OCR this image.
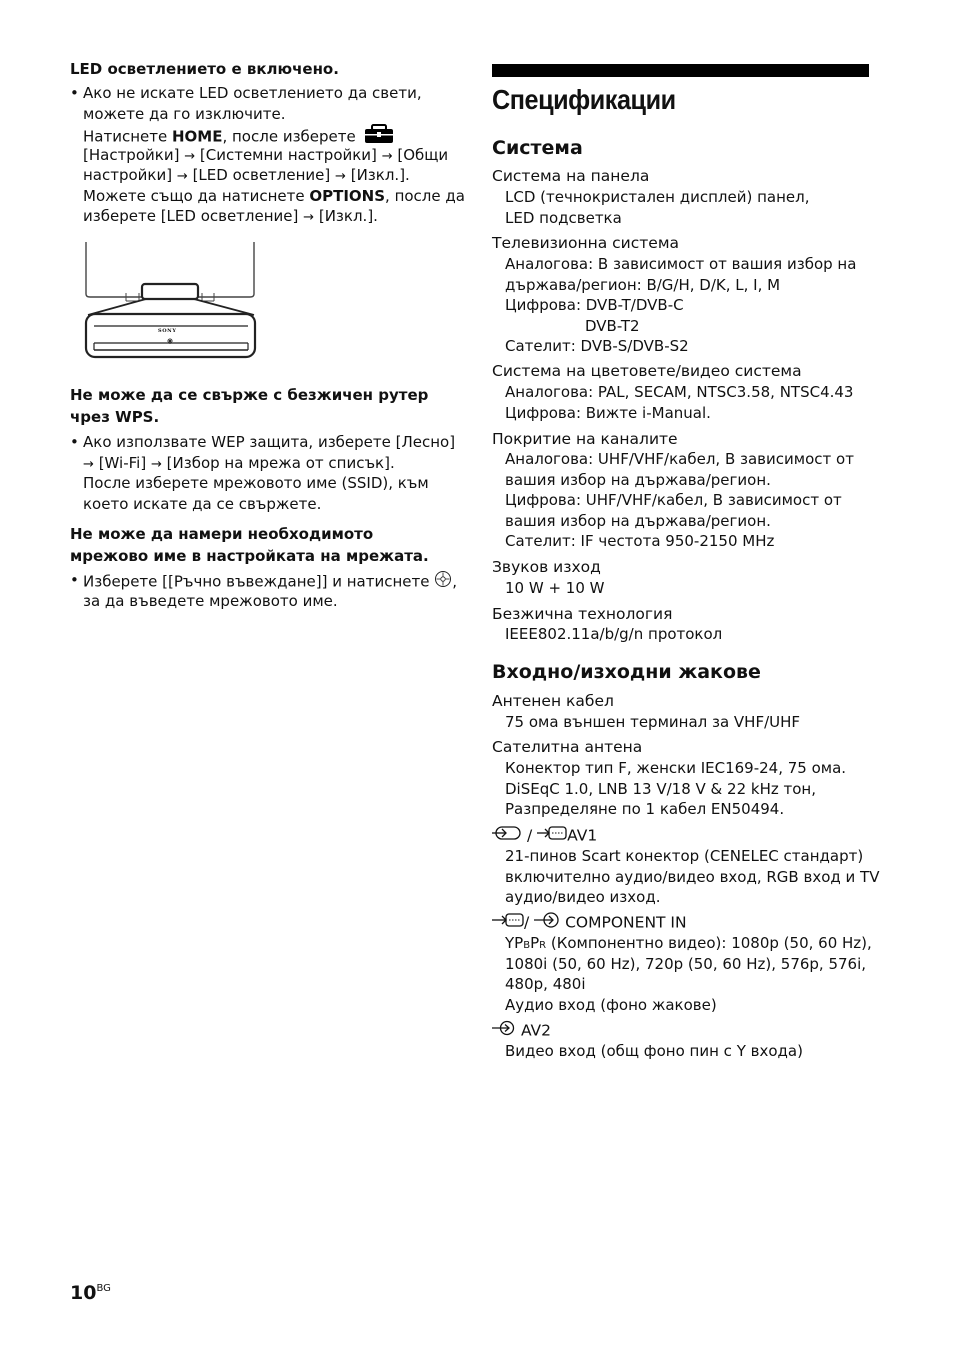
LED осветлението е включено.
• Ако не искате LED осветлението да свети,
можете да го изключите.
Натиснете HOME, после изберете
[Настройки] → [Системни настройки] → [Общи
настройки] → [LED осветление] → [Изкл.].
Можете също да натиснете OPTIONS, после да
изберете [LED осветление] → [Изкл.].
SONY
Не може да се свърже с безжичен рутер
чрез WPS.
• Ако използвате WEP защита, изберете [Лесно]
→ [Wi-Fi] → [Избор на мрежа от списък].
После изберете мрежовото име (SSID), към
което искате да се свържете.
Не може да намери необходимото
мрежово име в настройката на мрежата.
• Изберете [[Ръчно въвеждане]] и натиснете ,
за да въведете мрежовото име.
Спецификации
Система
Система на панела
LCD (течнокристален дисплей) панел,
LED подсветка
Телевизионна система
Аналогова: В зависимост от вашия избор на
държава/регион: B/G/H, D/K, L, I, M
Цифрова: DVB-T/DVB-C
DVB-T2
Сателит: DVB-S/DVB-S2
Система на цветовете/видео система
Аналогова: PAL, SECAM, NTSC3.58, NTSC4.43
Цифрова: Вижте i-Manual.
Покритие на каналите
Аналогова: UHF/VHF/кабел, В зависимост от
вашия избор на държава/регион.
Цифрова: UHF/VHF/кабел, В зависимост от
вашия избор на държава/регион.
Сателит: IF честота 950-2150 MHz
Звуков изход
10 W + 10 W
Безжична технология
IEEE802.11a/b/g/n протокол
Входно/изходни жакове
Антенен кабел
75 ома външен терминал за VHF/UHF
Сателитна антена
Конектор тип F, женски IEC169-24, 75 ома.
DiSEqC 1.0, LNB 13 V/18 V & 22 kHz тон,
Разпределяне по 1 кабел EN50494.
/ AV1
21-пинов Scart конектор (CENELEC стандарт)
включително аудио/видео вход, RGB вход и TV
аудио/видео изход.
/ COMPONENT IN
YPBPR (Компонентно видео): 1080p (50, 60 Hz),
1080i (50, 60 Hz), 720p (50, 60 Hz), 576p, 576i,
480p, 480i
Аудио вход (фоно жакове)
AV2
Видео вход (общ фоно пин с Y входа)
$10^{BG}$
